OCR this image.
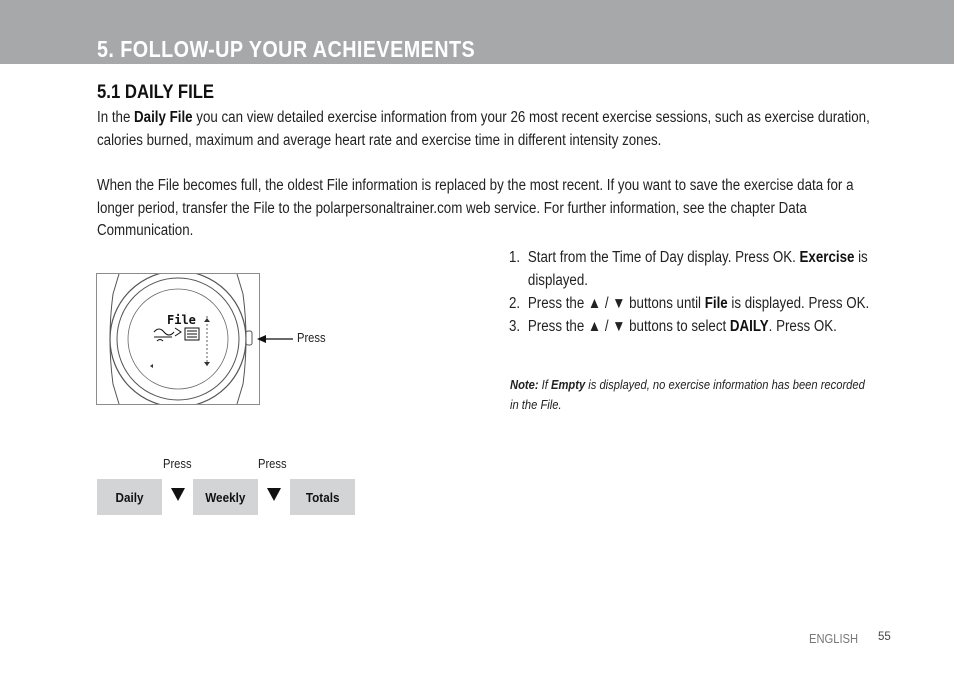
5. FOLLOW-UP YOUR ACHIEVEMENTS
5.1 DAILY FILE
In the Daily File you can view detailed exercise information from your 26 most recent exercise sessions, such as exercise duration, calories burned, maximum and average heart rate and exercise time in different intensity zones.
When the File becomes full, the oldest File information is replaced by the most recent. If you want to save the exercise data for a longer period, transfer the File to the polarpersonaltrainer.com web service. For further information, see the chapter Data Communication.
1. Start from the Time of Day display. Press OK. Exercise is displayed.
2. Press the ▲ / ▼ buttons until File is displayed. Press OK.
3. Press the ▲ / ▼ buttons to select DAILY. Press OK.
Note: If Empty is displayed, no exercise information has been recorded in the File.
File
Press
Press	Press
Daily	Weekly	Totals
ENGLISH 55
